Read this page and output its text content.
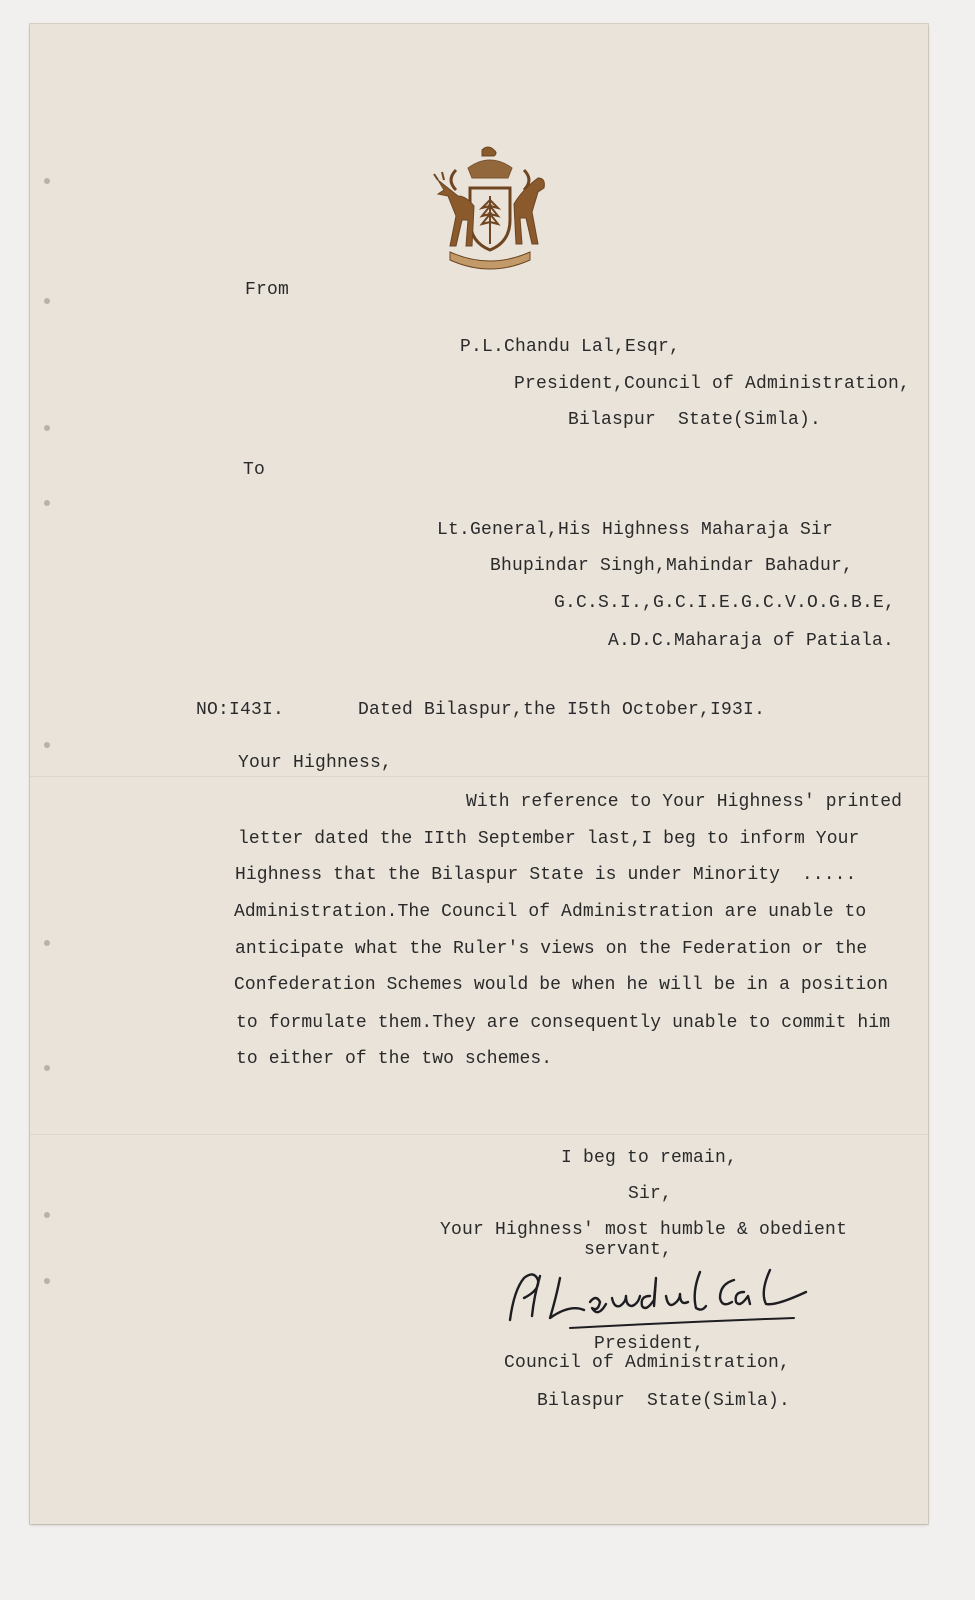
From
P.L.Chandu Lal,Esqr,
President,Council of Administration,
Bilaspur  State(Simla).
To
Lt.General,His Highness Maharaja Sir
Bhupindar Singh,Mahindar Bahadur,
G.C.S.I.,G.C.I.E.G.C.V.O.G.B.E,
A.D.C.Maharaja of Patiala.
NO:I43I.	Dated Bilaspur,the I5th October,I93I.
Your Highness,
With reference to Your Highness' printed
letter dated the IIth September last,I beg to inform Your
Highness that the Bilaspur State is under Minority  .....
Administration.The Council of Administration are unable to
anticipate what the Ruler's views on the Federation or the
Confederation Schemes would be when he will be in a position
to formulate them.They are consequently unable to commit him
to either of the two schemes.
I beg to remain,
Sir,
Your Highness' most humble & obedient
servant,
President,
Council of Administration,
Bilaspur  State(Simla).
